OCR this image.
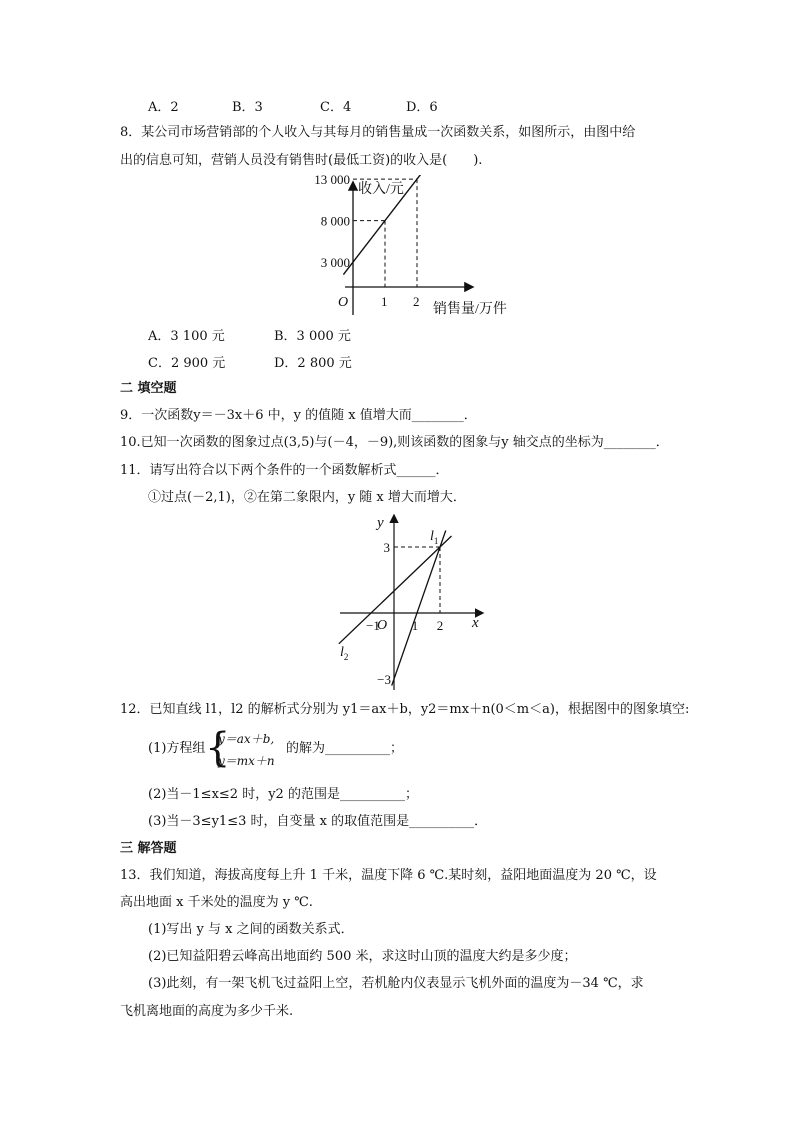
A．2	B．3	C．4	D．6
8．某公司市场营销部的个人收入与其每月的销售量成一次函数关系，如图所示，由图中给
出的信息可知，营销人员没有销售时(最低工资)的收入是(　　).
收入/元
销售量/万件
O	1 2
3 000
8 000
13 000
A．3 100 元	B．3 000 元
C．2 900 元	D．2 800 元
二 填空题
9．一次函数y＝－3x＋6 中，y 的值随 x 值增大而________．
10.已知一次函数的图象过点(3,5)与(－4，－9),则该函数的图象与y 轴交点的坐标为________．
11．请写出符合以下两个条件的一个函数解析式______．
①过点(－2,1)，②在第二象限内，y 随 x 增大而增大．
x
y
O
−1 1 2
3
−3
$l_1$
$l_2$
12．已知直线 l1，l2 的解析式分别为 y1＝ax＋b，y2＝mx＋n(0＜m＜a)，根据图中的图象填空:
(1)方程组 {
y＝ax＋b,
y＝mx＋n
的解为__________；
(2)当－1≤x≤2 时，y2 的范围是__________；
(3)当－3≤y1≤3 时，自变量 x 的取值范围是__________．
三 解答题
13．我们知道，海拔高度每上升 1 千米，温度下降 6 ℃.某时刻，益阳地面温度为 20 ℃，设
高出地面 x 千米处的温度为 y ℃.
(1)写出 y 与 x 之间的函数关系式．
(2)已知益阳碧云峰高出地面约 500 米，求这时山顶的温度大约是多少度；
(3)此刻，有一架飞机飞过益阳上空，若机舱内仪表显示飞机外面的温度为－34 ℃，求
飞机离地面的高度为多少千米.
